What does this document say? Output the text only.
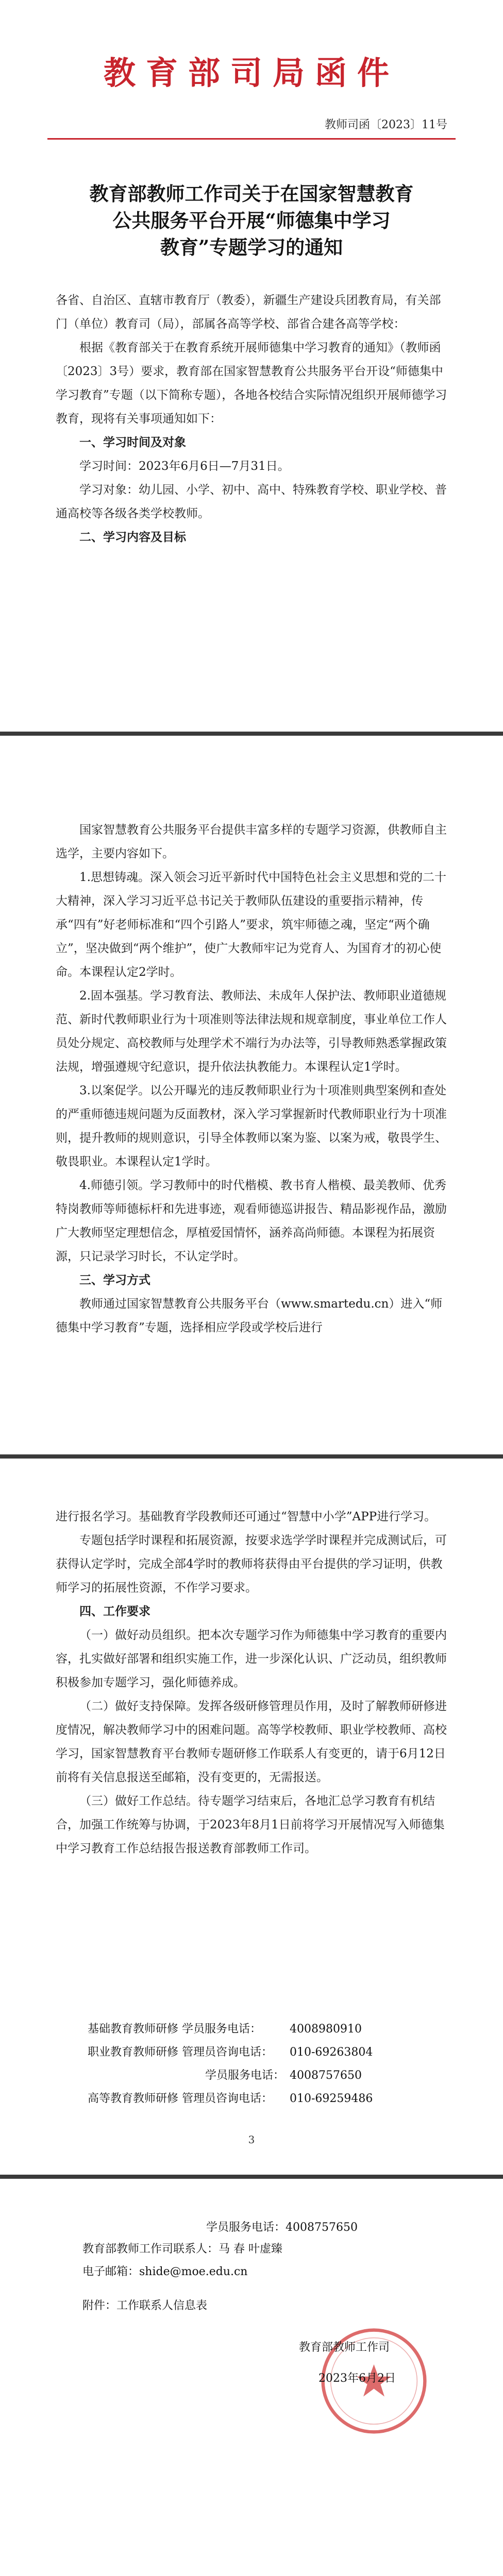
教育部司局函件
教师司函〔2023〕11号
教育部教师工作司关于在国家智慧教育
公共服务平台开展“师德集中学习
教育”专题学习的通知

各省、自治区、直辖市教育厅（教委），新疆生产建设兵团教育局，有关部门（单位）教育司（局），部属各高等学校、部省合建各高等学校：

根据《教育部关于在教育系统开展师德集中学习教育的通知》（教师函〔2023〕3号）要求，教育部在国家智慧教育公共服务平台开设“师德集中学习教育”专题（以下简称专题），各地各校结合实际情况组织开展师德学习教育，现将有关事项通知如下：

一、学习时间及对象

学习时间：2023年6月6日—7月31日。

学习对象：幼儿园、小学、初中、高中、特殊教育学校、职业学校、普通高校等各级各类学校教师。

二、学习内容及目标

国家智慧教育公共服务平台提供丰富多样的专题学习资源，供教师自主选学，主要内容如下。

1.思想铸魂。深入领会习近平新时代中国特色社会主义思想和党的二十大精神，深入学习习近平总书记关于教师队伍建设的重要指示精神，传承“四有”好老师标准和“四个引路人”要求，筑牢师德之魂，坚定“两个确立”，坚决做到“两个维护”，使广大教师牢记为党育人、为国育才的初心使命。本课程认定2学时。

2.固本强基。学习教育法、教师法、未成年人保护法、教师职业道德规范、新时代教师职业行为十项准则等法律法规和规章制度，事业单位工作人员处分规定、高校教师与处理学术不端行为办法等，引导教师熟悉掌握政策法规，增强遵规守纪意识，提升依法执教能力。本课程认定1学时。

3.以案促学。以公开曝光的违反教师职业行为十项准则典型案例和查处的严重师德违规问题为反面教材，深入学习掌握新时代教师职业行为十项准则，提升教师的规则意识，引导全体教师以案为鉴、以案为戒，敬畏学生、敬畏职业。本课程认定1学时。

4.师德引领。学习教师中的时代楷模、教书育人楷模、最美教师、优秀特岗教师等师德标杆和先进事迹，观看师德巡讲报告、精品影视作品，激励广大教师坚定理想信念，厚植爱国情怀，涵养高尚师德。本课程为拓展资源，只记录学习时长，不认定学时。

三、学习方式

教师通过国家智慧教育公共服务平台（www.smartedu.cn）进入“师德集中学习教育”专题，选择相应学段或学校后进行

进行报名学习。基础教育学段教师还可通过“智慧中小学”APP进行学习。

专题包括学时课程和拓展资源，按要求选学学时课程并完成测试后，可获得认定学时，完成全部4学时的教师将获得由平台提供的学习证明，供教师学习的拓展性资源，不作学习要求。

四、工作要求

（一）做好动员组织。把本次专题学习作为师德集中学习教育的重要内容，扎实做好部署和组织实施工作，进一步深化认识、广泛动员，组织教师积极参加专题学习，强化师德养成。

（二）做好支持保障。发挥各级研修管理员作用，及时了解教师研修进度情况，解决教师学习中的困难问题。高等学校教师、职业学校教师、高校学习，国家智慧教育平台教师专题研修工作联系人有变更的，请于6月12日前将有关信息报送至邮箱，没有变更的，无需报送。

（三）做好工作总结。待专题学习结束后，各地汇总学习教育有机结合，加强工作统筹与协调，于2023年8月1日前将学习开展情况写入师德集中学习教育工作总结报告报送教育部教师工作司。

基础教育教师研修 学员服务电话：	4008980910
职业教育教师研修 管理员咨询电话：	010-69263804
学员服务电话： 4008757650
高等教育教师研修 管理员咨询电话：	010-69259486
3
学员服务电话：4008757650
教育部教师工作司联系人：马 春 叶虚臻
电子邮箱：shide@moe.edu.cn
附件：工作联系人信息表
教育部教师工作司
2023年6月2日
